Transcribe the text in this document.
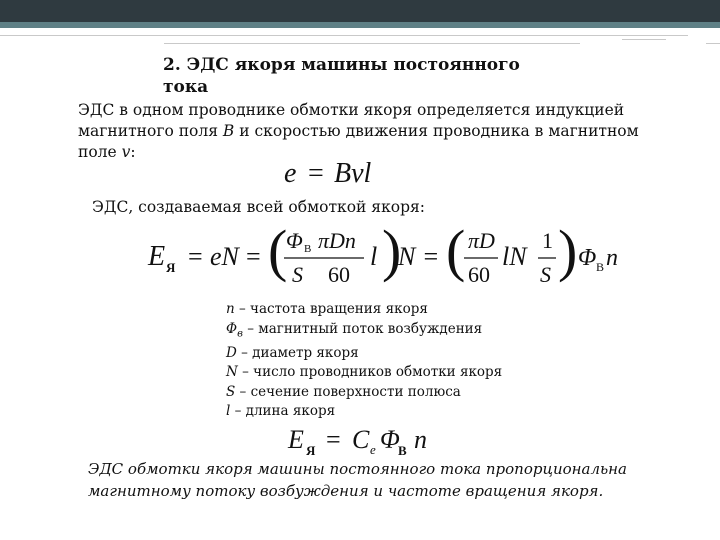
2. ЭДС якоря машины постоянного
тока
ЭДС в одном проводнике обмотки якоря определяется индукцией
магнитного поля B и скоростью движения проводника в магнитном
поле v:
e = Bvl
ЭДС, создаваемая всей обмоткой якоря:
E Я = eN = (
Φ В πDn
S 60
l )
N = ( πD
60
lN
1
S ) Φ В n
n – частота вращения якоря
$\Phi_в$ – магнитный поток возбуждения
D – диаметр якоря
N – число проводников обмотки якоря
S – сечение поверхности полюса
l – длина якоря
E Я = C e Φ
В n
ЭДС обмотки якоря машины постоянного тока пропорциональна
магнитному потоку возбуждения и частоте вращения якоря.
